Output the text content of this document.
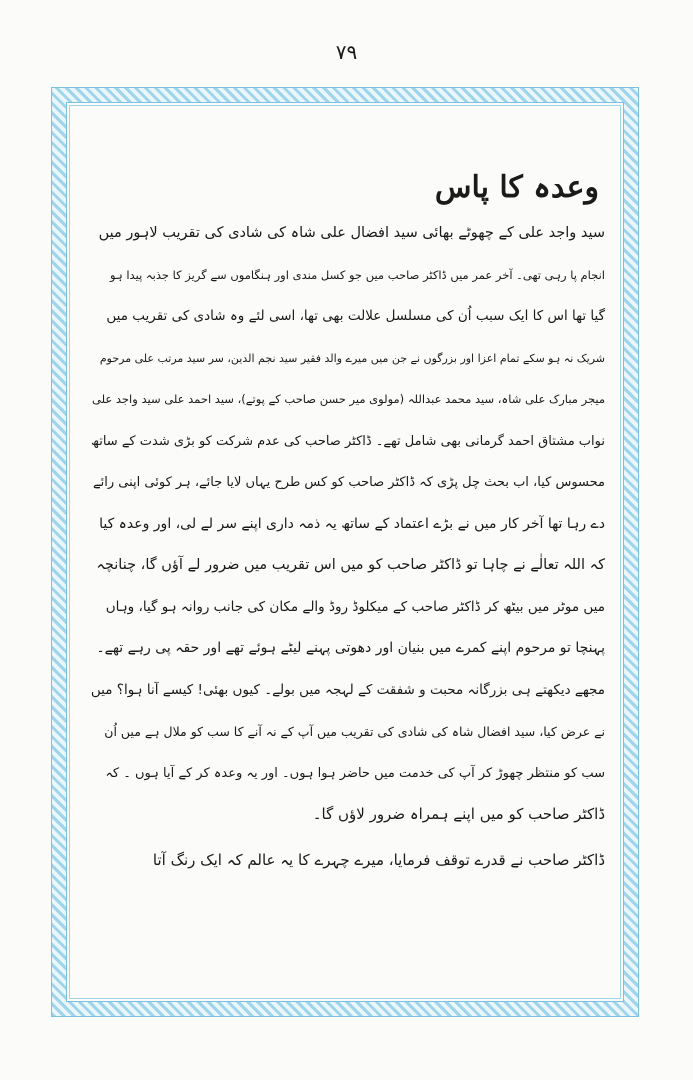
٧٩
وعدہ کا پاس

سید واجد علی کے چھوٹے بھائی سید افضال علی شاہ کی شادی کی تقریب لاہور میں

انجام پا رہی تھی۔ آخر عمر میں ڈاکٹر صاحب میں جو کسل مندی اور ہنگاموں سے گریز کا جذبہ پیدا ہو

گیا تھا اس کا ایک سبب اُن کی مسلسل علالت بھی تھا، اسی لئے وہ شادی کی تقریب میں

شریک نہ ہو سکے تمام اعزا اور بزرگوں نے جن میں میرے والد فقیر سید نجم الدین، سر سید مرتب علی مرحوم

میجر مبارک علی شاہ، سید محمد عبداللہ (مولوی میر حسن صاحب کے پوتے)، سید احمد علی سید واجد علی

نواب مشتاق احمد گرمانی بھی شامل تھے۔ ڈاکٹر صاحب کی عدم شرکت کو بڑی شدت کے ساتھ

محسوس کیا، اب بحث چل پڑی کہ ڈاکٹر صاحب کو کس طرح یہاں لایا جائے، ہر کوئی اپنی رائے

دے رہا تھا آخر کار میں نے بڑے اعتماد کے ساتھ یہ ذمہ داری اپنے سر لے لی، اور وعدہ کیا

کہ اللہ تعالٰے نے چاہا تو ڈاکٹر صاحب کو میں اس تقریب میں ضرور لے آؤں گا، چنانچہ

میں موٹر میں بیٹھ کر ڈاکٹر صاحب کے میکلوڈ روڈ والے مکان کی جانب روانہ ہو گیا، وہاں

پہنچا تو مرحوم اپنے کمرے میں بنیان اور دھوتی پہنے لیٹے ہوئے تھے اور حقہ پی رہے تھے۔

مجھے دیکھتے ہی بزرگانہ محبت و شفقت کے لہجہ میں بولے۔ کیوں بھئی! کیسے آنا ہوا؟ میں

نے عرض کیا، سید افضال شاہ کی شادی کی تقریب میں آپ کے نہ آنے کا سب کو ملال ہے میں اُن

سب کو منتظر چھوڑ کر آپ کی خدمت میں حاضر ہوا ہوں۔ اور یہ وعدہ کر کے آیا ہوں ۔ کہ

ڈاکٹر صاحب کو میں اپنے ہمراہ ضرور لاؤں گا۔

ڈاکٹر صاحب نے قدرے توقف فرمایا، میرے چہرے کا یہ عالم کہ ایک رنگ آتا
